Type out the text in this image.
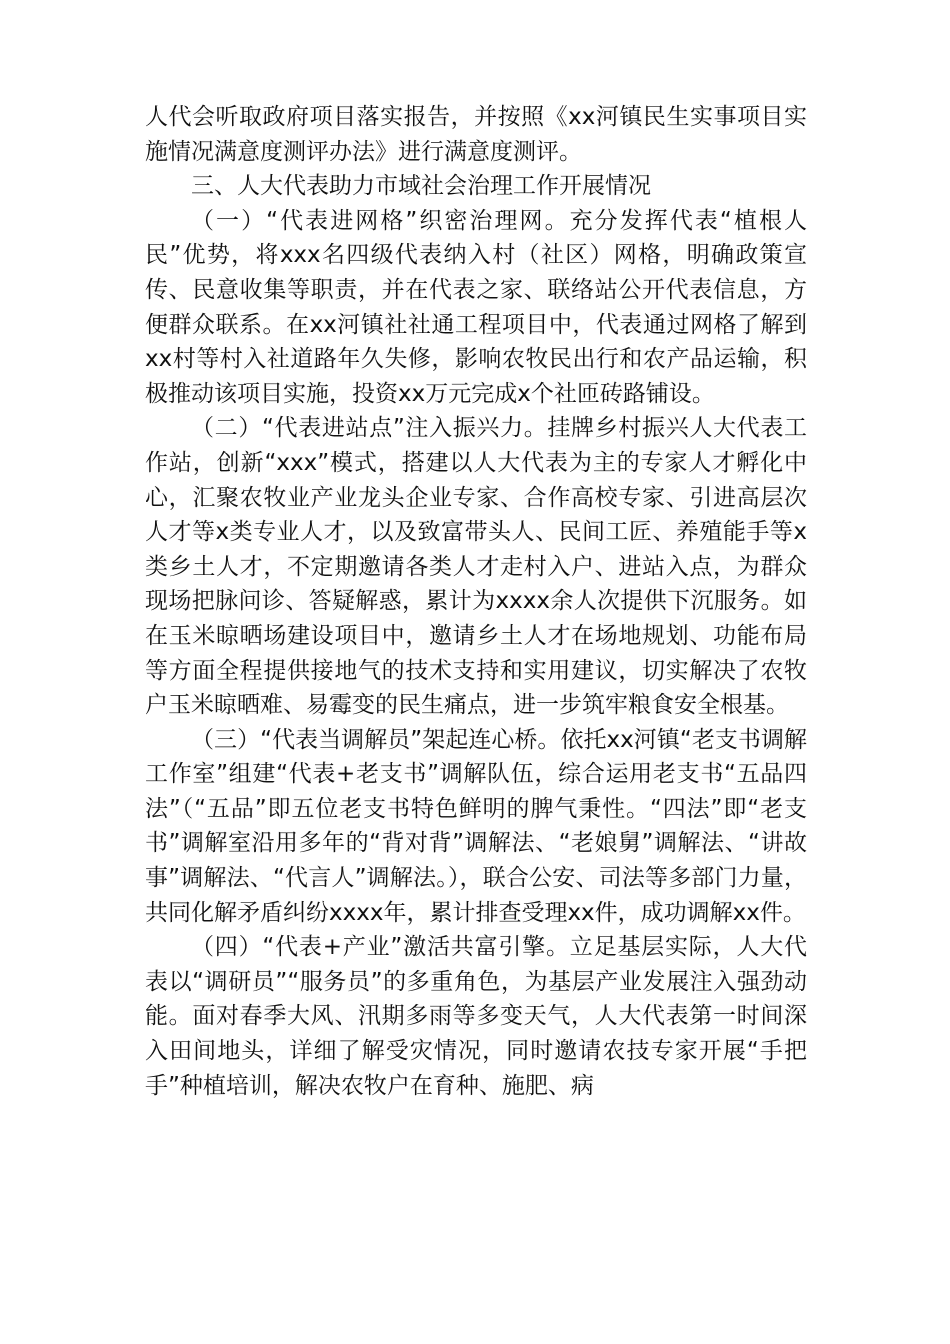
人代会听取政府项目落实报告，并按照《xx河镇民生实事项目实施情况满意度测评办法》进行满意度测评。

三、人大代表助力市域社会治理工作开展情况

（一）“代表进网格”织密治理网。充分发挥代表“植根人民”优势，将xxx名四级代表纳入村（社区）网格，明确政策宣传、民意收集等职责，并在代表之家、联络站公开代表信息，方便群众联系。在xx河镇社社通工程项目中，代表通过网格了解到xx村等村入社道路年久失修，影响农牧民出行和农产品运输，积极推动该项目实施，投资xx万元完成x个社匝砖路铺设。

（二）“代表进站点”注入振兴力。挂牌乡村振兴人大代表工作站，创新“xxx”模式，搭建以人大代表为主的专家人才孵化中心，汇聚农牧业产业龙头企业专家、合作高校专家、引进高层次人才等x类专业人才，以及致富带头人、民间工匠、养殖能手等x类乡土人才，不定期邀请各类人才走村入户、进站入点，为群众现场把脉问诊、答疑解惑，累计为xxxx余人次提供下沉服务。如在玉米晾晒场建设项目中，邀请乡土人才在场地规划、功能布局等方面全程提供接地气的技术支持和实用建议，切实解决了农牧户玉米晾晒难、易霉变的民生痛点，进一步筑牢粮食安全根基。

（三）“代表当调解员”架起连心桥。依托xx河镇“老支书调解工作室”组建“代表+老支书”调解队伍，综合运用老支书“五品四法”（“五品”即五位老支书特色鲜明的脾气秉性。“四法”即“老支书”调解室沿用多年的“背对背”调解法、“老娘舅”调解法、“讲故事”调解法、“代言人”调解法。），联合公安、司法等多部门力量，共同化解矛盾纠纷xxxx年，累计排查受理xx件，成功调解xx件。

（四）“代表+产业”激活共富引擎。立足基层实际，人大代表以“调研员”“服务员”的多重角色，为基层产业发展注入强劲动能。面对春季大风、汛期多雨等多变天气，人大代表第一时间深入田间地头，详细了解受灾情况，同时邀请农技专家开展“手把手”种植培训，解决农牧户在育种、施肥、病
